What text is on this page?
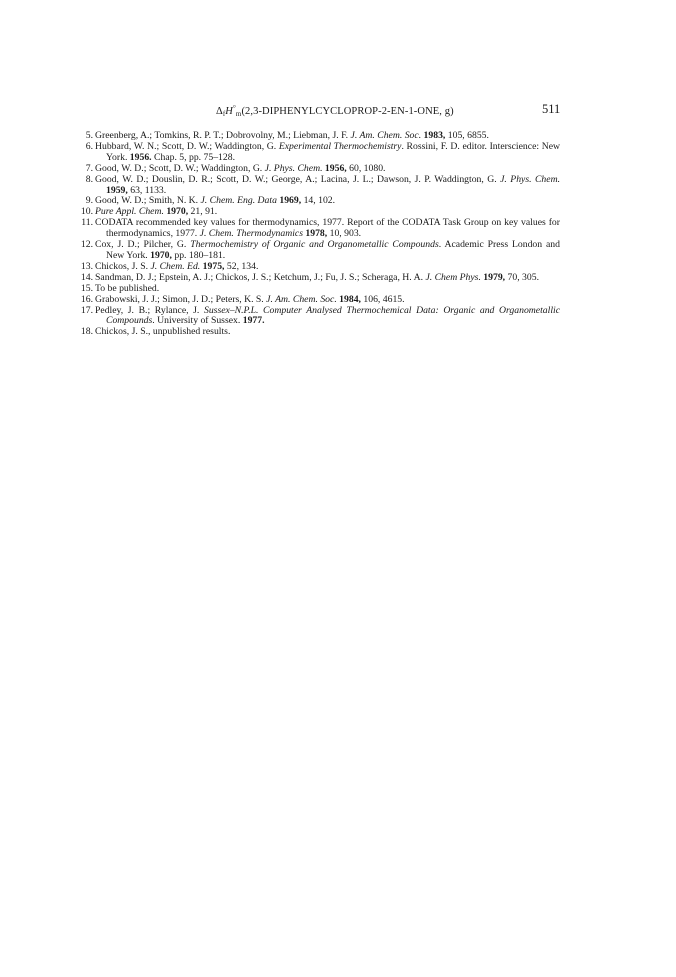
$\Delta_fH^\circ_m(2,3-DIPHENYLCYCLOPROP-2-EN-1$-ONE, g)	511
5. Greenberg, A.; Tomkins, R. P. T.; Dobrovolny, M.; Liebman, J. F. J. Am. Chem. Soc. 1983, 105, 6855.
6. Hubbard, W. N.; Scott, D. W.; Waddington, G. Experimental Thermochemistry. Rossini, F. D. editor. Interscience: New York. 1956. Chap. 5, pp. 75–128.
7. Good, W. D.; Scott, D. W.; Waddington, G. J. Phys. Chem. 1956, 60, 1080.
8. Good, W. D.; Douslin, D. R.; Scott, D. W.; George, A.; Lacina, J. L.; Dawson, J. P. Waddington, G. J. Phys. Chem. 1959, 63, 1133.
9. Good, W. D.; Smith, N. K. J. Chem. Eng. Data 1969, 14, 102.
10. Pure Appl. Chem. 1970, 21, 91.
11. CODATA recommended key values for thermodynamics, 1977. Report of the CODATA Task Group on key values for thermodynamics, 1977. J. Chem. Thermodynamics 1978, 10, 903.
12. Cox, J. D.; Pilcher, G. Thermochemistry of Organic and Organometallic Compounds. Academic Press London and New York. 1970, pp. 180–181.
13. Chickos, J. S. J. Chem. Ed. 1975, 52, 134.
14. Sandman, D. J.; Epstein, A. J.; Chickos, J. S.; Ketchum, J.; Fu, J. S.; Scheraga, H. A. J. Chem Phys. 1979, 70, 305.
15. To be published.
16. Grabowski, J. J.; Simon, J. D.; Peters, K. S. J. Am. Chem. Soc. 1984, 106, 4615.
17. Pedley, J. B.; Rylance, J. Sussex–N.P.L. Computer Analysed Thermochemical Data: Organic and Organometallic Compounds. University of Sussex. 1977.
18. Chickos, J. S., unpublished results.
